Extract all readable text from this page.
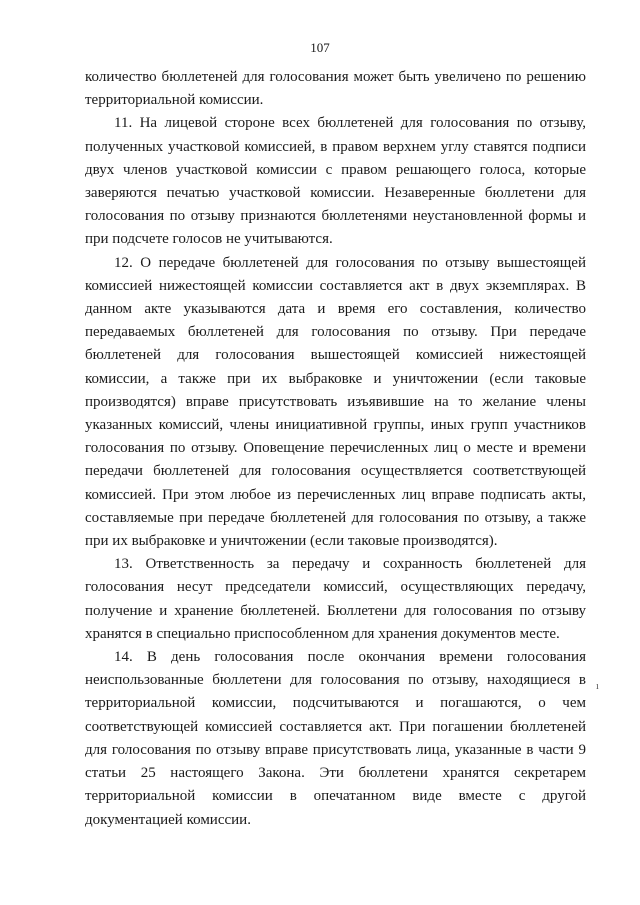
107

количество бюллетеней для голосования может быть увеличено по решению территориальной комиссии.

11. На лицевой стороне всех бюллетеней для голосования по отзыву, полученных участковой комиссией, в правом верхнем углу ставятся подписи двух членов участковой комиссии с правом решающего голоса, которые заверяются печатью участковой комиссии. Незаверенные бюллетени для голосования по отзыву признаются бюллетенями неустановленной формы и при подсчете голосов не учитываются.

12. О передаче бюллетеней для голосования по отзыву вышестоящей комиссией нижестоящей комиссии составляется акт в двух экземплярах. В данном акте указываются дата и время его составления, количество передаваемых бюллетеней для голосования по отзыву. При передаче бюллетеней для голосования вышестоящей комиссией нижестоящей комиссии, а также при их выбраковке и уничтожении (если таковые производятся) вправе присутствовать изъявившие на то желание члены указанных комиссий, члены инициативной группы, иных групп участников голосования по отзыву. Оповещение перечисленных лиц о месте и времени передачи бюллетеней для голосования осуществляется соответствующей комиссией. При этом любое из перечисленных лиц вправе подписать акты, составляемые при передаче бюллетеней для голосования по отзыву, а также при их выбраковке и уничтожении (если таковые производятся).

13. Ответственность за передачу и сохранность бюллетеней для голосования несут председатели комиссий, осуществляющих передачу, получение и хранение бюллетеней. Бюллетени для голосования по отзыву хранятся в специально приспособленном для хранения документов месте.

14. В день голосования после окончания времени голосования неиспользованные бюллетени для голосования по отзыву, находящиеся в территориальной комиссии, подсчитываются и погашаются, о чем соответствующей комиссией составляется акт. При погашении бюллетеней для голосования по отзыву вправе присутствовать лица, указанные в части 9 статьи 25 настоящего Закона. Эти бюллетени хранятся секретарем территориальной комиссии в опечатанном виде вместе с другой документацией комиссии.

ı
